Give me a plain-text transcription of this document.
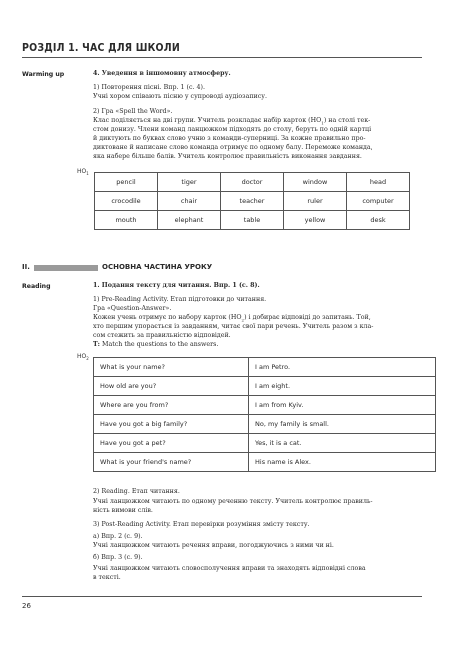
РОЗДІЛ 1. ЧАС ДЛЯ ШКОЛИ
Warming up	4. Уведення в іншомовну атмосферу.
1) Повторення пісні. Впр. 1 (с. 4).
Учні хором співають пісню у супроводі аудіозапису.
2) Гра «Spell the Word».
Клас поділяється на дві групи. Учитель розкладає набір карток $(НО_1)$ на столі тек-
стом донизу. Члени команд ланцюжком підходять до столу, беруть по одній картці
й диктують по буквах слово учню з команди-суперниці. За кожне правильно про-
диктоване й написане слово команда отримує по одному балу. Переможе команда,
яка набере більше балів. Учитель контролює правильність виконання завдання.
$НО_1$
pencil	tiger	doctor	window	head
crocodile	chair	teacher	ruler	computer
mouth	elephant	table	yellow	desk
II.	ОСНОВНА ЧАСТИНА УРОКУ
Reading	1. Подання тексту для читання. Впр. 1 (с. 8).
1) Pre-Reading Activity. Етап підготовки до читання.
Гра «Question-Answer».
Кожен учень отримує по набору карток $(НО_2)$ і добирає відповіді до запитань. Той,
хто першим упорається із завданням, читає свої пари речень. Учитель разом з кла-
сом стежить за правильністю відповідей.
Т: Match the questions to the answers.
$НО_2$
What is your name?	I am Petro.
How old are you?	I am eight.
Where are you from?	I am from Kyiv.
Have you got a big family?	No, my family is small.
Have you got a pet?	Yes, it is a cat.
What is your friend's name?	His name is Alex.
2) Reading. Етап читання.
Учні ланцюжком читають по одному реченню тексту. Учитель контролює правиль-
ність вимови слів.
3) Post-Reading Activity. Етап перевірки розуміння змісту тексту.
а) Впр. 2 (с. 9).
Учні ланцюжком читають речення вправи, погоджуючись з ними чи ні.
б) Впр. 3 (с. 9).
Учні ланцюжком читають словосполучення вправи та знаходять відповідні слова
в тексті.
26
